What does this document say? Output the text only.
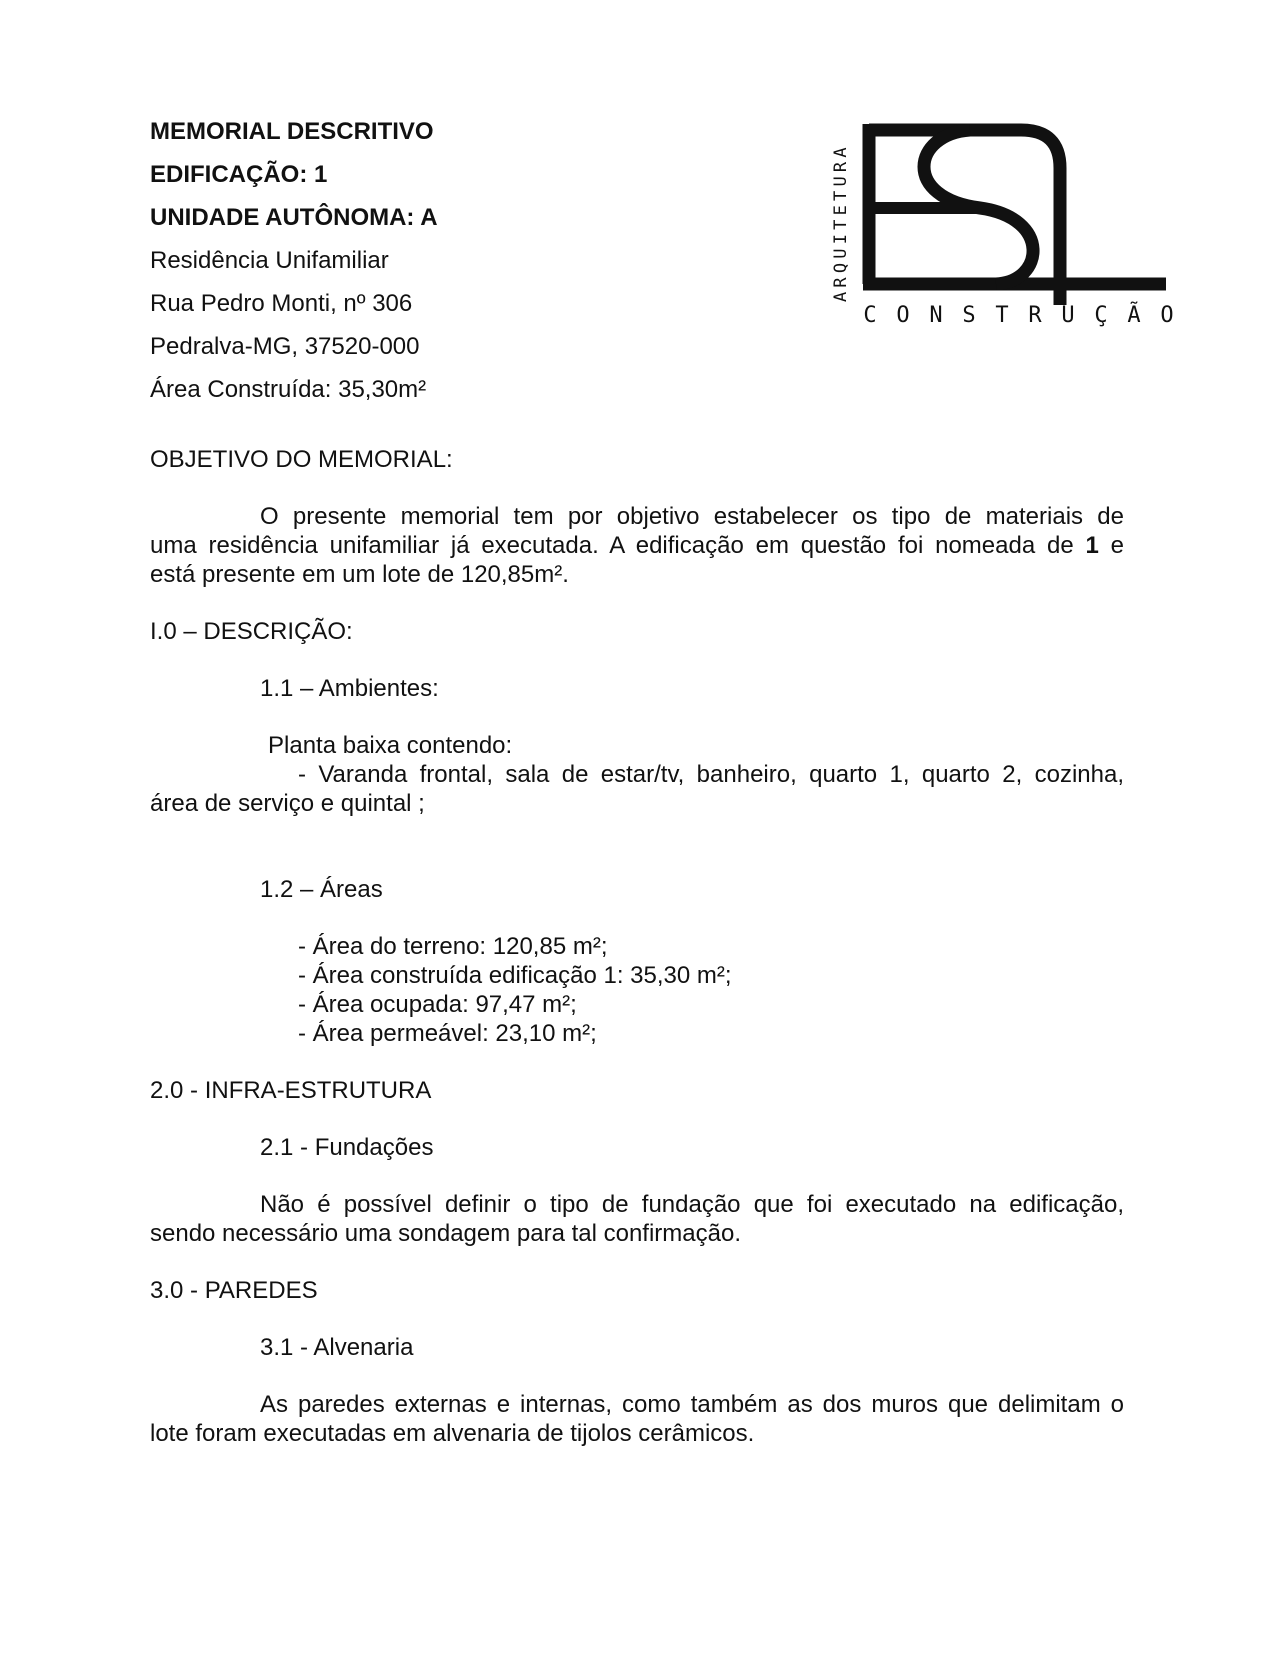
MEMORIAL DESCRITIVO
EDIFICAÇÃO: 1
UNIDADE AUTÔNOMA: A
Residência Unifamiliar
Rua Pedro Monti, nº 306
Pedralva-MG, 37520-000
Área Construída: 35,30m²
ARQUITETURA
C O N S T R U Ç Ã O
OBJETIVO DO MEMORIAL:
O presente memorial tem por objetivo estabelecer os tipo de materiais de
uma residência unifamiliar já executada. A edificação em questão foi nomeada de 1 e
está presente em um lote de 120,85m².
I.0 – DESCRIÇÃO:
1.1 – Ambientes:
Planta baixa contendo:
- Varanda frontal, sala de estar/tv, banheiro, quarto 1, quarto 2, cozinha,
área de serviço e quintal ;
1.2 – Áreas
- Área do terreno: 120,85 m²;
- Área construída edificação 1: 35,30 m²;
- Área ocupada: 97,47 m²;
- Área permeável: 23,10 m²;
2.0 - INFRA-ESTRUTURA
2.1 - Fundações
Não é possível definir o tipo de fundação que foi executado na edificação,
sendo necessário uma sondagem para tal confirmação.
3.0 - PAREDES
3.1 - Alvenaria
As paredes externas e internas, como também as dos muros que delimitam o
lote foram executadas em alvenaria de tijolos cerâmicos.
